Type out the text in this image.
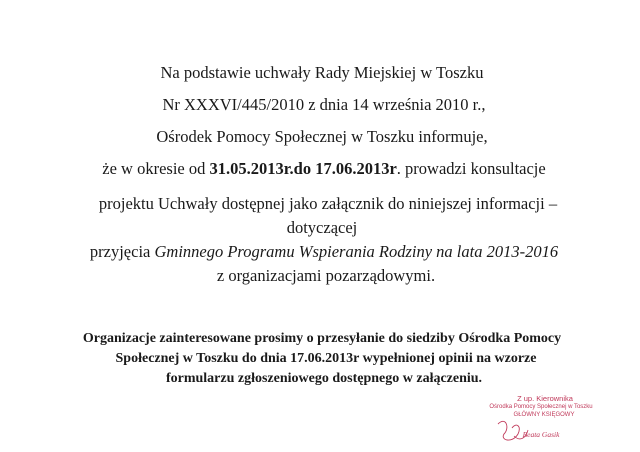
Na podstawie uchwały Rady Miejskiej w Toszku
Nr XXXVI/445/2010 z dnia 14 września 2010 r.,
Ośrodek Pomocy Społecznej w Toszku informuje,
że w okresie od 31.05.2013r.do 17.06.2013r. prowadzi konsultacje
projektu Uchwały dostępnej jako załącznik do niniejszej informacji –
dotyczącej
przyjęcia Gminnego Programu Wspierania Rodziny na lata 2013-2016
z organizacjami pozarządowymi.
Organizacje zainteresowane prosimy o przesyłanie do siedziby Ośrodka Pomocy
Społecznej w Toszku do dnia 17.06.2013r wypełnionej opinii na wzorze
formularzu zgłoszeniowego dostępnego w załączeniu.
Z up. Kierownika
Ośrodka Pomocy Społecznej w Toszku
GŁÓWNY KSIĘGOWY
Beata Gasik
